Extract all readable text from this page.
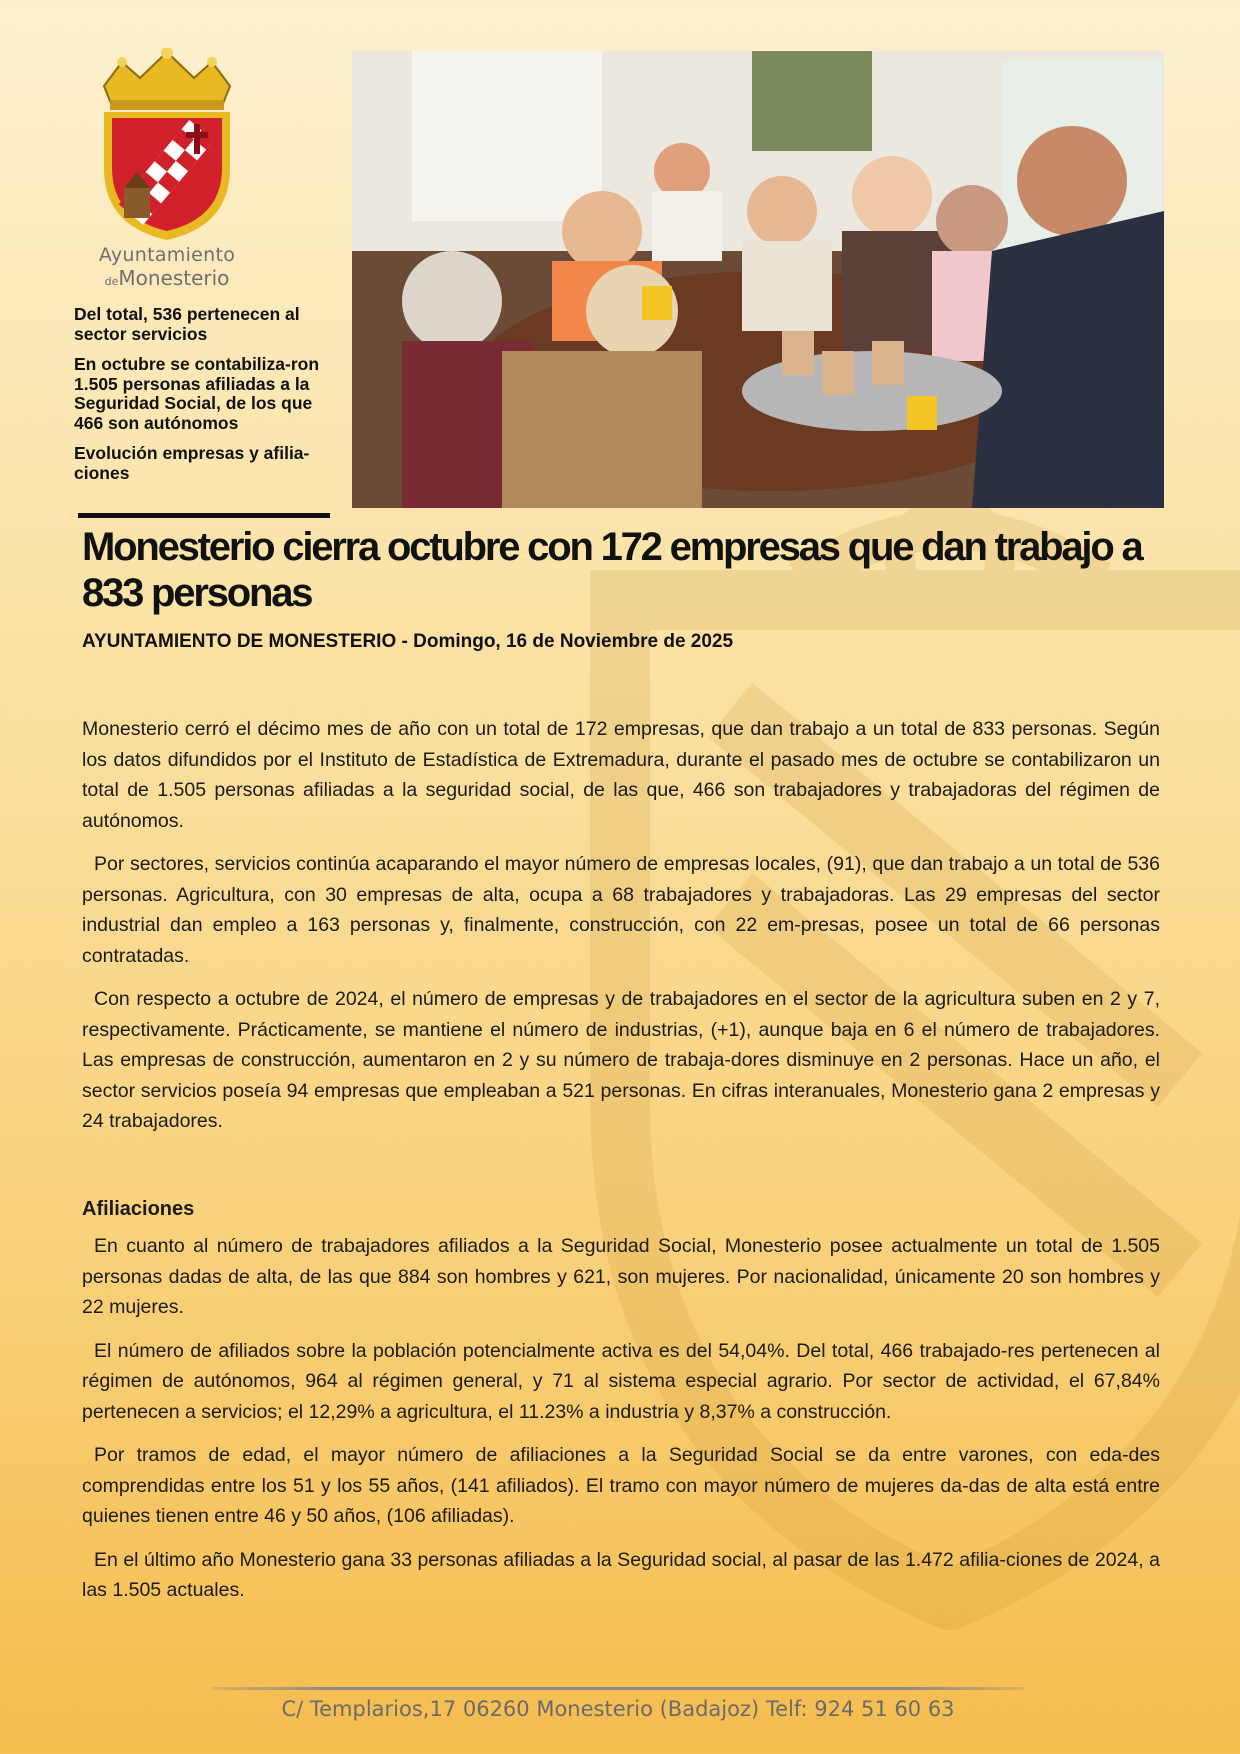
Ayuntamiento
deMonesterio

Del total, 536 pertenecen al sector servicios

En octubre se contabiliza-ron 1.505 personas afiliadas a la Seguridad Social, de los que 466 son autónomos

Evolución empresas y afilia-ciones

Monesterio cierra octubre con 172 empresas que dan trabajo a 833 personas

AYUNTAMIENTO DE MONESTERIO - Domingo, 16 de Noviembre de 2025

Monesterio cerró el décimo mes de año con un total de 172 empresas, que dan trabajo a un total de 833 personas. Según los datos difundidos por el Instituto de Estadística de Extremadura, durante el pasado mes de octubre se contabilizaron un total de 1.505 personas afiliadas a la seguridad social, de las que, 466 son trabajadores y trabajadoras del régimen de autónomos.

Por sectores, servicios continúa acaparando el mayor número de empresas locales, (91), que dan trabajo a un total de 536 personas. Agricultura, con 30 empresas de alta, ocupa a 68 trabajadores y trabajadoras. Las 29 empresas del sector industrial dan empleo a 163 personas y, finalmente, construcción, con 22 em-presas, posee un total de 66 personas contratadas.

Con respecto a octubre de 2024, el número de empresas y de trabajadores en el sector de la agricultura suben en 2 y 7, respectivamente. Prácticamente, se mantiene el número de industrias, (+1), aunque baja en 6 el número de trabajadores. Las empresas de construcción, aumentaron en 2 y su número de trabaja-dores disminuye en 2 personas. Hace un año, el sector servicios poseía 94 empresas que empleaban a 521 personas. En cifras interanuales, Monesterio gana 2 empresas y 24 trabajadores.

Afiliaciones

En cuanto al número de trabajadores afiliados a la Seguridad Social, Monesterio posee actualmente un total de 1.505 personas dadas de alta, de las que 884 son hombres y 621, son mujeres. Por nacionalidad, únicamente 20 son hombres y 22 mujeres.

El número de afiliados sobre la población potencialmente activa es del 54,04%. Del total, 466 trabajado-res pertenecen al régimen de autónomos, 964 al régimen general, y 71 al sistema especial agrario. Por sector de actividad, el 67,84% pertenecen a servicios; el 12,29% a agricultura, el 11.23% a industria y 8,37% a construcción.

Por tramos de edad, el mayor número de afiliaciones a la Seguridad Social se da entre varones, con eda-des comprendidas entre los 51 y los 55 años, (141 afiliados). El tramo con mayor número de mujeres da-das de alta está entre quienes tienen entre 46 y 50 años, (106 afiliadas).

En el último año Monesterio gana 33 personas afiliadas a la Seguridad social, al pasar de las 1.472 afilia-ciones de 2024, a las 1.505 actuales.

C/ Templarios,17 06260 Monesterio (Badajoz) Telf: 924 51 60 63
